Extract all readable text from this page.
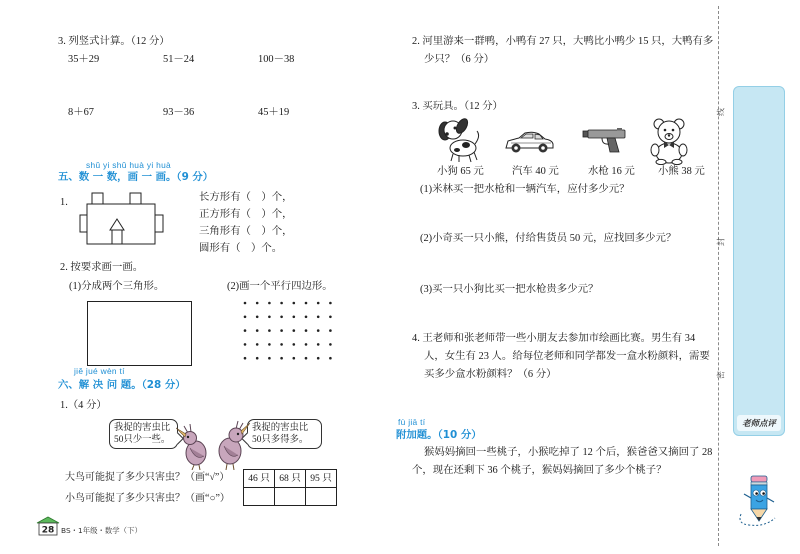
3. 列竖式计算。（12 分）
35＋29	51－24	100－38
8＋67	93－36	45＋19
shǔ yi shǔ huà yi huà
五、数 一 数，画 一 画。（9 分）
1.	长方形有（　）个，
正方形有（　）个，
三角形有（　）个，
圆形有（　）个。
2. 按要求画一画。
(1)分成两个三角形。	(2)画一个平行四边形。
jiě jué wèn tí
六、解 决 问 题。（28 分）
1.（4 分）
我捉的害虫比
50只少一些。
我捉的害虫比
50只多得多。
大鸟可能捉了多少只害虫？（画“√”）
小鸟可能捉了多少只害虫？（画“○”）
46 只	68 只	95 只

28 BS・1年级・数学（下）
2. 河里游来一群鸭，小鸭有 27 只，大鸭比小鸭少 15 只，大鸭有多
少只？（6 分）
3. 买玩具。（12 分）
小狗 65 元	汽车 40 元	水枪 16 元 小熊 38 元
(1)米林买一把水枪和一辆汽车，应付多少元？
(2)小奇买一只小熊，付给售货员 50 元，应找回多少元？
(3)买一只小狗比买一把水枪贵多少元？
4. 王老师和张老师带一些小朋友去参加市绘画比赛。男生有 34
人，女生有 23 人。给每位老师和同学都发一盒水粉颜料，需要
买多少盒水粉颜料？（6 分）
fù jiā tí
附加题。（10 分）
猴妈妈摘回一些桃子，小猴吃掉了 12 个后，猴爸爸又摘回了 28
个，现在还剩下 36 个桃子，猴妈妈摘回了多少个桃子？
线
封
密
老师点评
